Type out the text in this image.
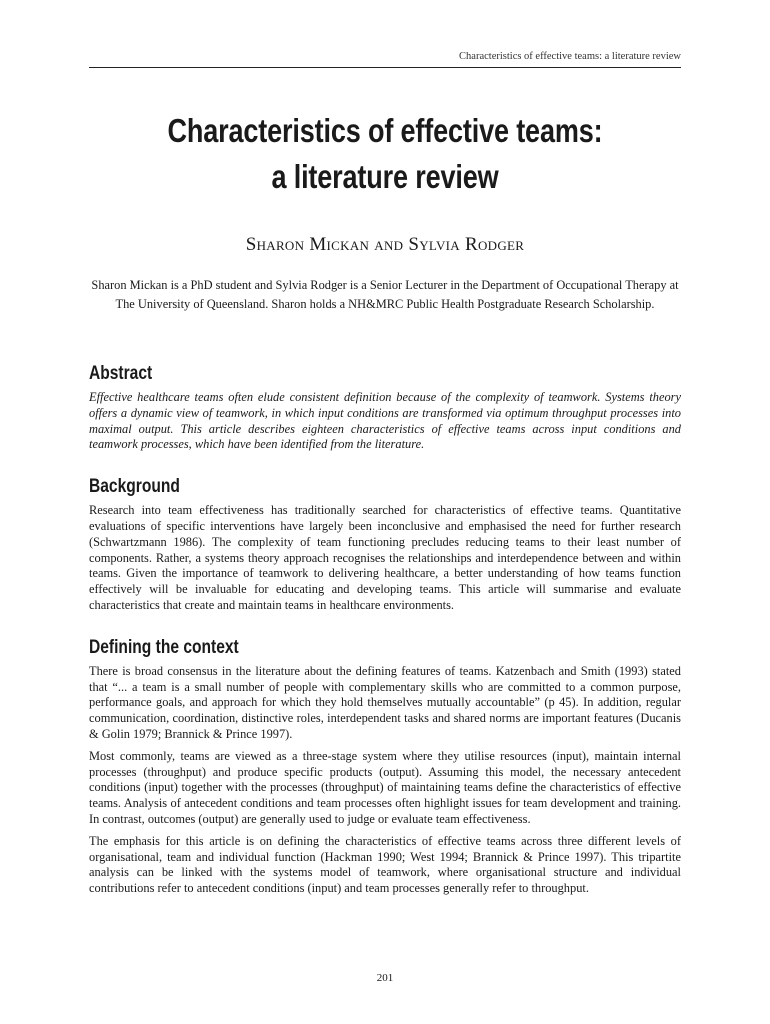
Characteristics of effective teams: a literature review
Characteristics of effective teams:
a literature review
Sharon Mickan and Sylvia Rodger
Sharon Mickan is a PhD student and Sylvia Rodger is a Senior Lecturer in the Department of Occupational Therapy at The University of Queensland. Sharon holds a NH&MRC Public Health Postgraduate Research Scholarship.
Abstract

Effective healthcare teams often elude consistent definition because of the complexity of teamwork. Systems theory offers a dynamic view of teamwork, in which input conditions are transformed via optimum throughput processes into maximal output. This article describes eighteen characteristics of effective teams across input conditions and teamwork processes, which have been identified from the literature.

Background

Research into team effectiveness has traditionally searched for characteristics of effective teams. Quantitative evaluations of specific interventions have largely been inconclusive and emphasised the need for further research (Schwartzmann 1986). The complexity of team functioning precludes reducing teams to their least number of components. Rather, a systems theory approach recognises the relationships and interdependence between and within teams. Given the importance of teamwork to delivering healthcare, a better understanding of how teams function effectively will be invaluable for educating and developing teams. This article will summarise and evaluate characteristics that create and maintain teams in healthcare environments.

Defining the context

There is broad consensus in the literature about the defining features of teams. Katzenbach and Smith (1993) stated that “... a team is a small number of people with complementary skills who are committed to a common purpose, performance goals, and approach for which they hold themselves mutually accountable” (p 45). In addition, regular communication, coordination, distinctive roles, interdependent tasks and shared norms are important features (Ducanis & Golin 1979; Brannick & Prince 1997).

Most commonly, teams are viewed as a three-stage system where they utilise resources (input), maintain internal processes (throughput) and produce specific products (output). Assuming this model, the necessary antecedent conditions (input) together with the processes (throughput) of maintaining teams define the characteristics of effective teams. Analysis of antecedent conditions and team processes often highlight issues for team development and training. In contrast, outcomes (output) are generally used to judge or evaluate team effectiveness.

The emphasis for this article is on defining the characteristics of effective teams across three different levels of organisational, team and individual function (Hackman 1990; West 1994; Brannick & Prince 1997). This tripartite analysis can be linked with the systems model of teamwork, where organisational structure and individual contributions refer to antecedent conditions (input) and team processes generally refer to throughput.

201
